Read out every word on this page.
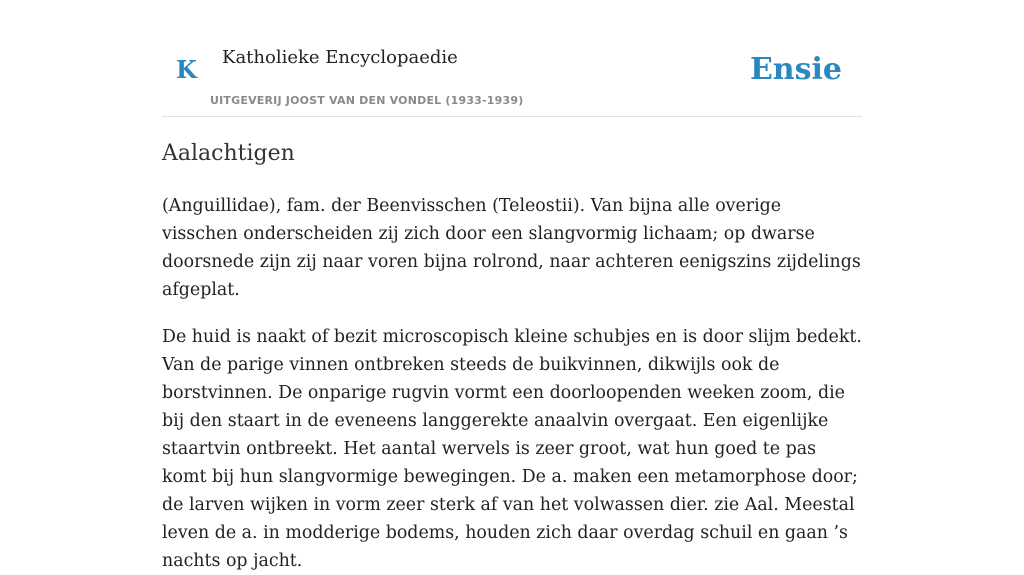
K Katholieke Encyclopaedie
UITGEVERIJ JOOST VAN DEN VONDEL (1933-1939)
Ensie
Aalachtigen

(Anguillidae), fam. der Beenvisschen (Teleostii). Van bijna alle overige visschen onderscheiden zij zich door een slangvormig lichaam; op dwarse doorsnede zijn zij naar voren bijna rolrond, naar achteren eenigszins zijdelings afgeplat.

De huid is naakt of bezit microscopisch kleine schubjes en is door slijm bedekt. Van de parige vinnen ontbreken steeds de buikvinnen, dikwijls ook de borstvinnen. De onparige rugvin vormt een doorloopenden weeken zoom, die bij den staart in de eveneens langgerekte anaalvin overgaat. Een eigenlijke staartvin ontbreekt. Het aantal wervels is zeer groot, wat hun goed te pas komt bij hun slangvormige bewegingen. De a. maken een metamorphose door; de larven wijken in vorm zeer sterk af van het volwassen dier. zie Aal. Meestal leven de a. in modderige bodems, houden zich daar overdag schuil en gaan ’s nachts op jacht.
